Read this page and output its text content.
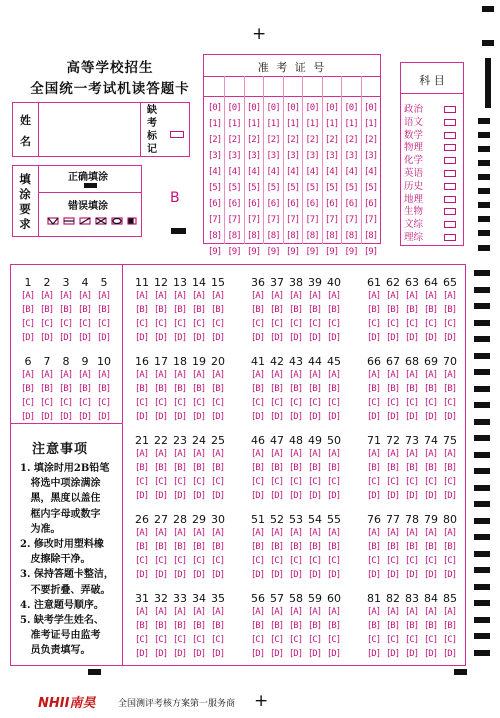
+
+
高等学校招生
全国统一考试机读答题卡
姓
名
缺
考
标
记
填
涂
要
求
正确填涂
错误填涂
B
准 考 证 号
[0]
[1]
[2]
[3]
[4]
[5]
[6]
[7]
[8]
[9]
[0]
[1]
[2]
[3]
[4]
[5]
[6]
[7]
[8]
[9]
[0]
[1]
[2]
[3]
[4]
[5]
[6]
[7]
[8]
[9]
[0]
[1]
[2]
[3]
[4]
[5]
[6]
[7]
[8]
[9]
[0]
[1]
[2]
[3]
[4]
[5]
[6]
[7]
[8]
[9]
[0]
[1]
[2]
[3]
[4]
[5]
[6]
[7]
[8]
[9]
[0]
[1]
[2]
[3]
[4]
[5]
[6]
[7]
[8]
[9]
[0]
[1]
[2]
[3]
[4]
[5]
[6]
[7]
[8]
[9]
[0]
[1]
[2]
[3]
[4]
[5]
[6]
[7]
[8]
[9]
科 目
政治
语文
数学
物理
化学
英语
历史
地理
生物
文综
理综
1
[A]
[B]
[C]
[D]
2
[A]
[B]
[C]
[D]
3
[A]
[B]
[C]
[D]
4
[A]
[B]
[C]
[D]
5
[A]
[B]
[C]
[D]
6
[A]
[B]
[C]
[D]
7
[A]
[B]
[C]
[D]
8
[A]
[B]
[C]
[D]
9
[A]
[B]
[C]
[D]
10
[A]
[B]
[C]
[D]
11
[A]
[B]
[C]
[D]
12
[A]
[B]
[C]
[D]
13
[A]
[B]
[C]
[D]
14
[A]
[B]
[C]
[D]
15
[A]
[B]
[C]
[D]
16
[A]
[B]
[C]
[D]
17
[A]
[B]
[C]
[D]
18
[A]
[B]
[C]
[D]
19
[A]
[B]
[C]
[D]
20
[A]
[B]
[C]
[D]
21
[A]
[B]
[C]
[D]
22
[A]
[B]
[C]
[D]
23
[A]
[B]
[C]
[D]
24
[A]
[B]
[C]
[D]
25
[A]
[B]
[C]
[D]
26
[A]
[B]
[C]
[D]
27
[A]
[B]
[C]
[D]
28
[A]
[B]
[C]
[D]
29
[A]
[B]
[C]
[D]
30
[A]
[B]
[C]
[D]
31
[A]
[B]
[C]
[D]
32
[A]
[B]
[C]
[D]
33
[A]
[B]
[C]
[D]
34
[A]
[B]
[C]
[D]
35
[A]
[B]
[C]
[D]
36
[A]
[B]
[C]
[D]
37
[A]
[B]
[C]
[D]
38
[A]
[B]
[C]
[D]
39
[A]
[B]
[C]
[D]
40
[A]
[B]
[C]
[D]
41
[A]
[B]
[C]
[D]
42
[A]
[B]
[C]
[D]
43
[A]
[B]
[C]
[D]
44
[A]
[B]
[C]
[D]
45
[A]
[B]
[C]
[D]
46
[A]
[B]
[C]
[D]
47
[A]
[B]
[C]
[D]
48
[A]
[B]
[C]
[D]
49
[A]
[B]
[C]
[D]
50
[A]
[B]
[C]
[D]
51
[A]
[B]
[C]
[D]
52
[A]
[B]
[C]
[D]
53
[A]
[B]
[C]
[D]
54
[A]
[B]
[C]
[D]
55
[A]
[B]
[C]
[D]
56
[A]
[B]
[C]
[D]
57
[A]
[B]
[C]
[D]
58
[A]
[B]
[C]
[D]
59
[A]
[B]
[C]
[D]
60
[A]
[B]
[C]
[D]
61
[A]
[B]
[C]
[D]
62
[A]
[B]
[C]
[D]
63
[A]
[B]
[C]
[D]
64
[A]
[B]
[C]
[D]
65
[A]
[B]
[C]
[D]
66
[A]
[B]
[C]
[D]
67
[A]
[B]
[C]
[D]
68
[A]
[B]
[C]
[D]
69
[A]
[B]
[C]
[D]
70
[A]
[B]
[C]
[D]
71
[A]
[B]
[C]
[D]
72
[A]
[B]
[C]
[D]
73
[A]
[B]
[C]
[D]
74
[A]
[B]
[C]
[D]
75
[A]
[B]
[C]
[D]
76
[A]
[B]
[C]
[D]
77
[A]
[B]
[C]
[D]
78
[A]
[B]
[C]
[D]
79
[A]
[B]
[C]
[D]
80
[A]
[B]
[C]
[D]
81
[A]
[B]
[C]
[D]
82
[A]
[B]
[C]
[D]
83
[A]
[B]
[C]
[D]
84
[A]
[B]
[C]
[D]
85
[A]
[B]
[C]
[D]
注意事项
1. 填涂时用2B铅笔
将选中项涂满涂
黑，黑度以盖住
框内字母或数字
为准。
2. 修改时用塑料橡
皮擦除干净。
3. 保持答题卡整洁，
不要折叠、弄破。
4. 注意题号顺序。
5. 缺考学生姓名、
准考证号由监考
员负责填写。
NHII南昊	全国测评考核方案第一服务商
